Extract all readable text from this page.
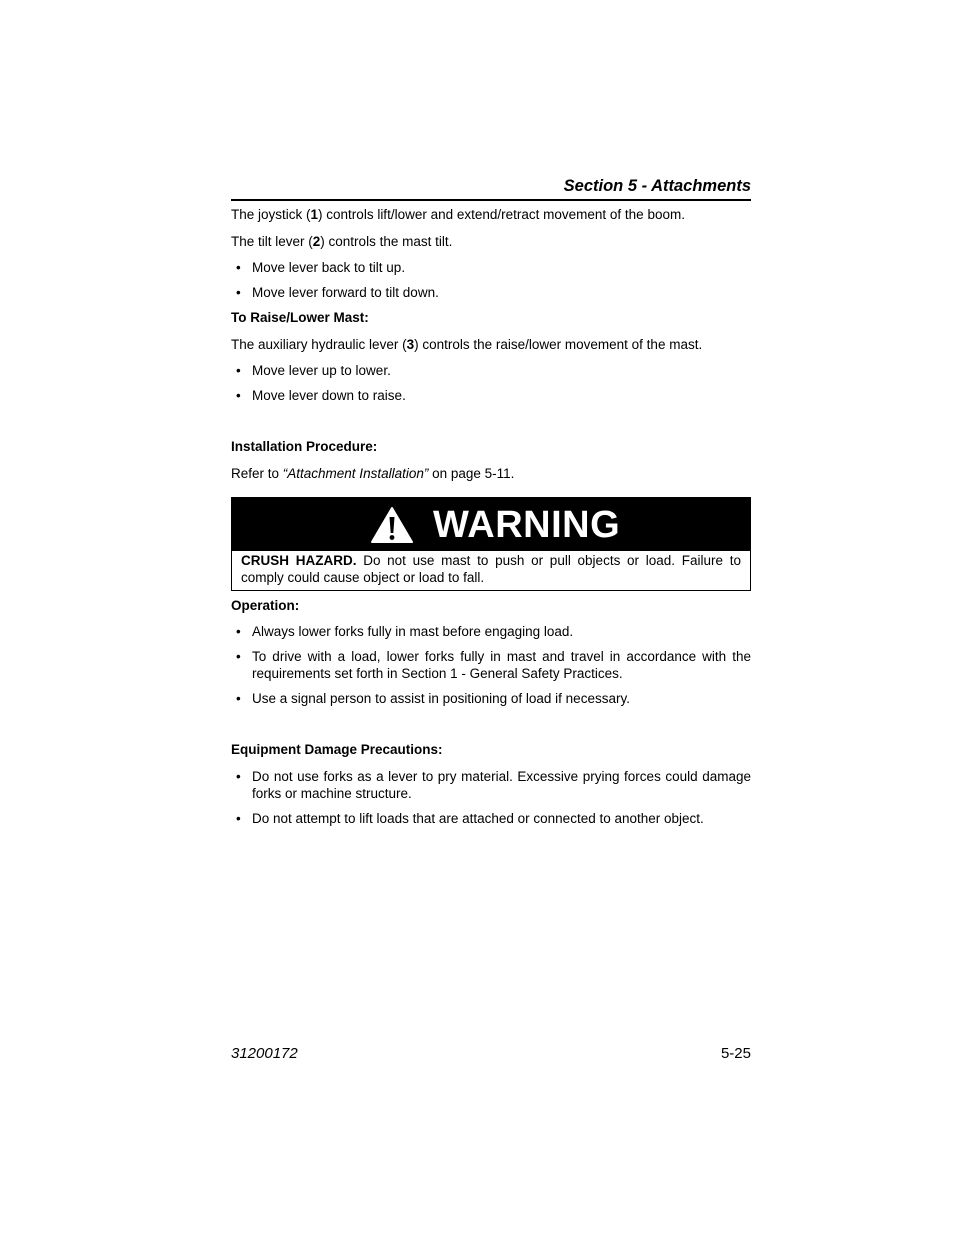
Section 5 - Attachments
The joystick (1) controls lift/lower and extend/retract movement of the boom.
The tilt lever (2) controls the mast tilt.
• Move lever back to tilt up.
• Move lever forward to tilt down.
To Raise/Lower Mast:
The auxiliary hydraulic lever (3) controls the raise/lower movement of the mast.
• Move lever up to lower.
• Move lever down to raise.
Installation Procedure:
Refer to “Attachment Installation” on page 5-11.
WARNING
CRUSH HAZARD. Do not use mast to push or pull objects or load. Failure to comply could cause object or load to fall.
Operation:
• Always lower forks fully in mast before engaging load.
• To drive with a load, lower forks fully in mast and travel in accordance with the requirements set forth in Section 1 - General Safety Practices.
• Use a signal person to assist in positioning of load if necessary.
Equipment Damage Precautions:
• Do not use forks as a lever to pry material. Excessive prying forces could damage forks or machine structure.
• Do not attempt to lift loads that are attached or connected to another object.
31200172	5-25
